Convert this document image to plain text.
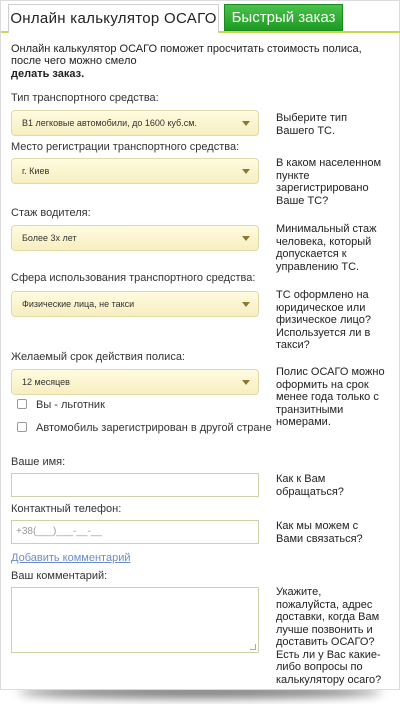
Онлайн калькулятор ОСАГО Быстрый заказ
Онлайн калькулятор ОСАГО поможет просчитать стоимость полиса, после чего можно смело
делать заказ.
Тип транспортного средства:
B1 легковые автомобили, до 1600 куб.см.	Выберите тип Вашего ТС.
Место регистрации транспортного средства:
г. Киев
В каком населенном пункте зарегистрировано Ваше ТС?
Стаж водителя:
Более 3х лет
Минимальный стаж человека, который допускается к управлению ТС.
Сфера использования транспортного средства:
Физические лица, не такси
ТС оформлено на юридическое или физическое лицо? Используется ли в такси?
Желаемый срок действия полиса:
12 месяцев
Полис ОСАГО можно оформить на срок менее года только с транзитными номерами.
Вы - льготник
Автомобиль зарегистрирован в другой стране
Ваше имя:
Как к Вам обращаться?
Контактный телефон:
+38(___)___-__-__	Как мы можем с Вами связаться?
Добавить комментарий
Ваш комментарий:
Укажите, пожалуйста, адрес доставки, когда Вам лучше позвонить и доставить ОСАГО? Есть ли у Вас какие-либо вопросы по калькулятору осаго?
